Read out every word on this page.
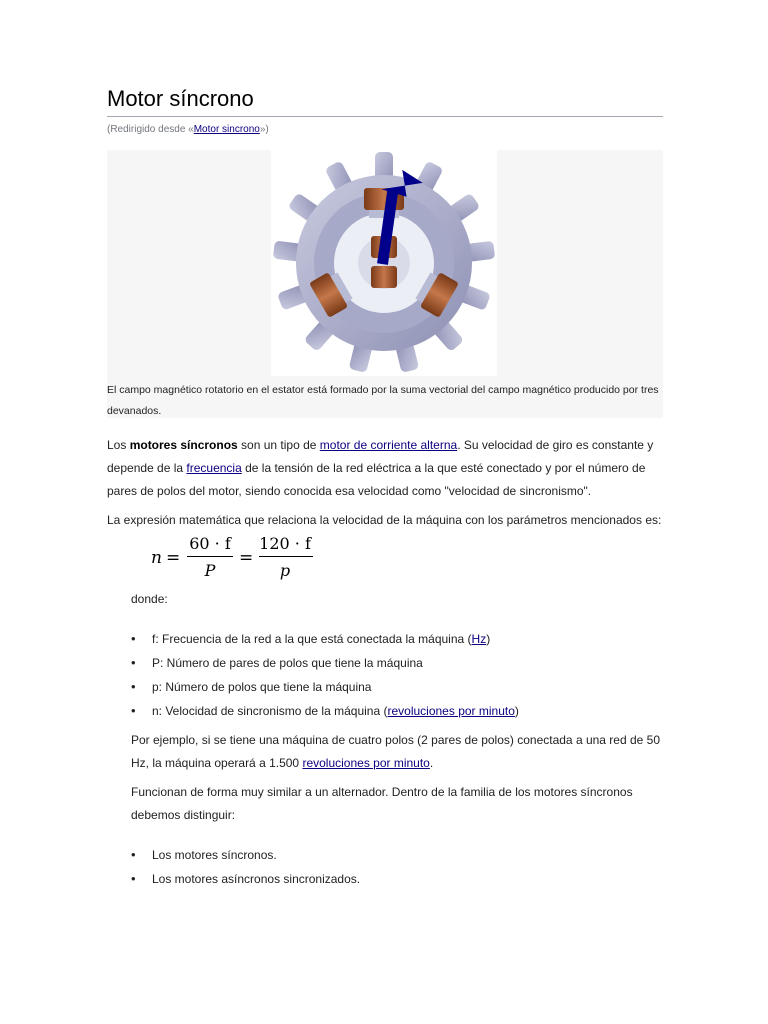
Motor síncrono
(Redirigido desde «Motor sincrono»)
El campo magnético rotatorio en el estator está formado por la suma vectorial del campo magnético producido por tres devanados.

Los motores síncronos son un tipo de motor de corriente alterna. Su velocidad de giro es constante y depende de la frecuencia de la tensión de la red eléctrica a la que esté conectado y por el número de pares de polos del motor, siendo conocida esa velocidad como "velocidad de sincronismo".

La expresión matemática que relaciona la velocidad de la máquina con los parámetros mencionados es:

n =
60 · f
P
=
120 · f
p

donde:

• f: Frecuencia de la red a la que está conectada la máquina (Hz)
• P: Número de pares de polos que tiene la máquina
• p: Número de polos que tiene la máquina
• n: Velocidad de sincronismo de la máquina (revoluciones por minuto)

Por ejemplo, si se tiene una máquina de cuatro polos (2 pares de polos) conectada a una red de 50 Hz, la máquina operará a 1.500 revoluciones por minuto.

Funcionan de forma muy similar a un alternador. Dentro de la familia de los motores síncronos debemos distinguir:

• Los motores síncronos.
• Los motores asíncronos sincronizados.
